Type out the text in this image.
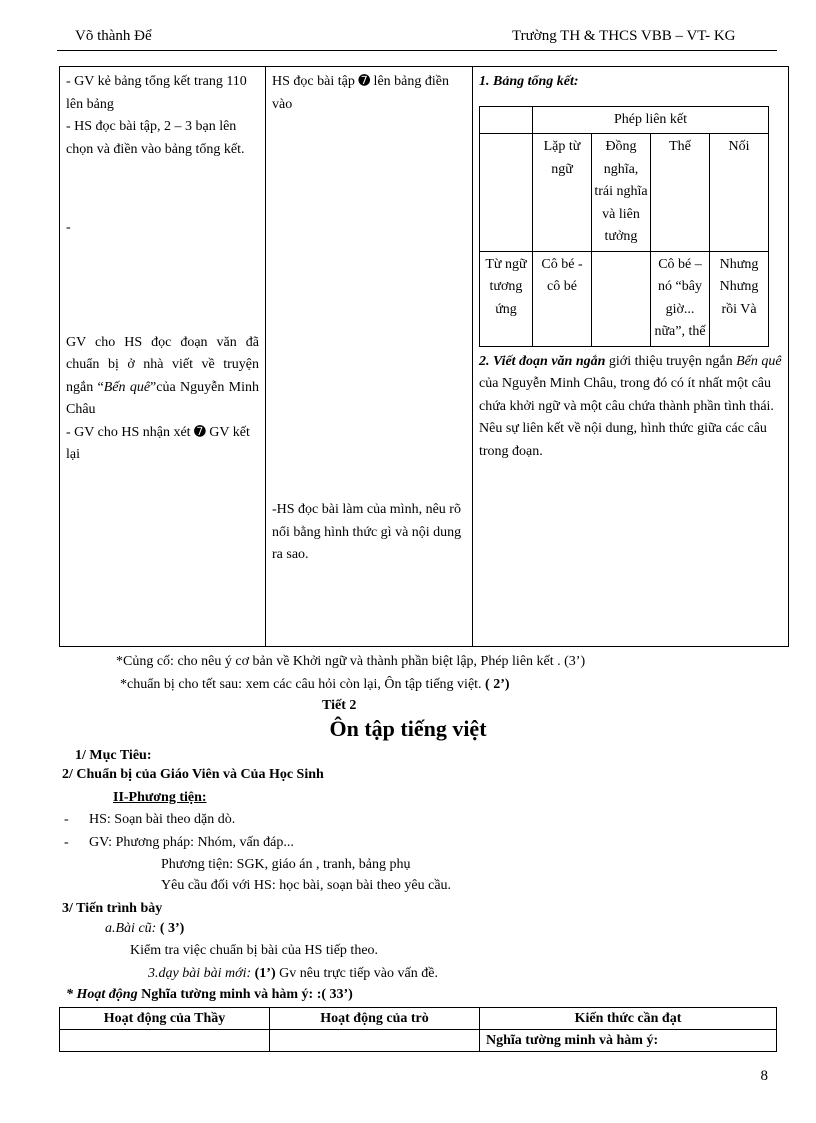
Võ thành Để	Trường TH & THCS VBB – VT- KG
- GV kẻ bảng tổng kết trang 110 lên bảng
- HS đọc bài tập, 2 – 3 bạn lên chọn và điền vào bảng tổng kết.
-
GV cho HS đọc đoạn văn đã chuẩn bị ở nhà viết về truyện ngắn “Bến quê”của Nguyễn Minh Châu
- GV cho HS nhận xét ➐ GV kết lại

HS đọc bài tập ➐ lên bảng điền vào
-HS đọc bài làm của mình, nêu rõ nổi bằng hình thức gì và nội dung ra sao.

1. Bảng tổng kết:
	Phép liên kết
	Lặp từ ngữ	Đồng nghĩa, trái nghĩa và liên tưởng	Thế	Nối
Từ ngữ tương ứng	Cô bé - cô bé		Cô bé – nó “bây giờ... nữa”, thế	Nhưng Nhưng rồi Và
2. Viết đoạn văn ngắn giới thiệu truyện ngắn Bến quê của Nguyễn Minh Châu, trong đó có ít nhất một câu chứa khởi ngữ và một câu chứa thành phần tình thái. Nêu sự liên kết về nội dung, hình thức giữa các câu trong đoạn.
*Củng cố: cho nêu ý cơ bản về Khởi ngữ và thành phần biệt lập, Phép liên kết . (3’)
*chuẩn bị cho tết sau: xem các câu hỏi còn lại, Ôn tập tiếng việt. ( 2’)
Tiết 2
Ôn tập tiếng việt
1/ Mục Tiêu:
2/ Chuẩn bị của Giáo Viên và Của Học Sinh
II-Phương tiện:
- HS: Soạn bài theo dặn dò.
- GV: Phương pháp: Nhóm, vấn đáp...
Phương tiện: SGK, giáo án , tranh, bảng phụ
Yêu cầu đối với HS: học bài, soạn bài theo yêu cầu.
3/ Tiến trình bày
a.Bài cũ: ( 3’)
Kiểm tra việc chuẩn bị bài của HS tiếp theo.
3.dạy bài bài mới: (1’) Gv nêu trực tiếp vào vấn đề.
* Hoạt động Nghĩa tường minh và hàm ý: :( 33’)
Hoạt động của Thầy	Hoạt động của trò	Kiến thức cần đạt
		Nghĩa tường minh và hàm ý:
8
